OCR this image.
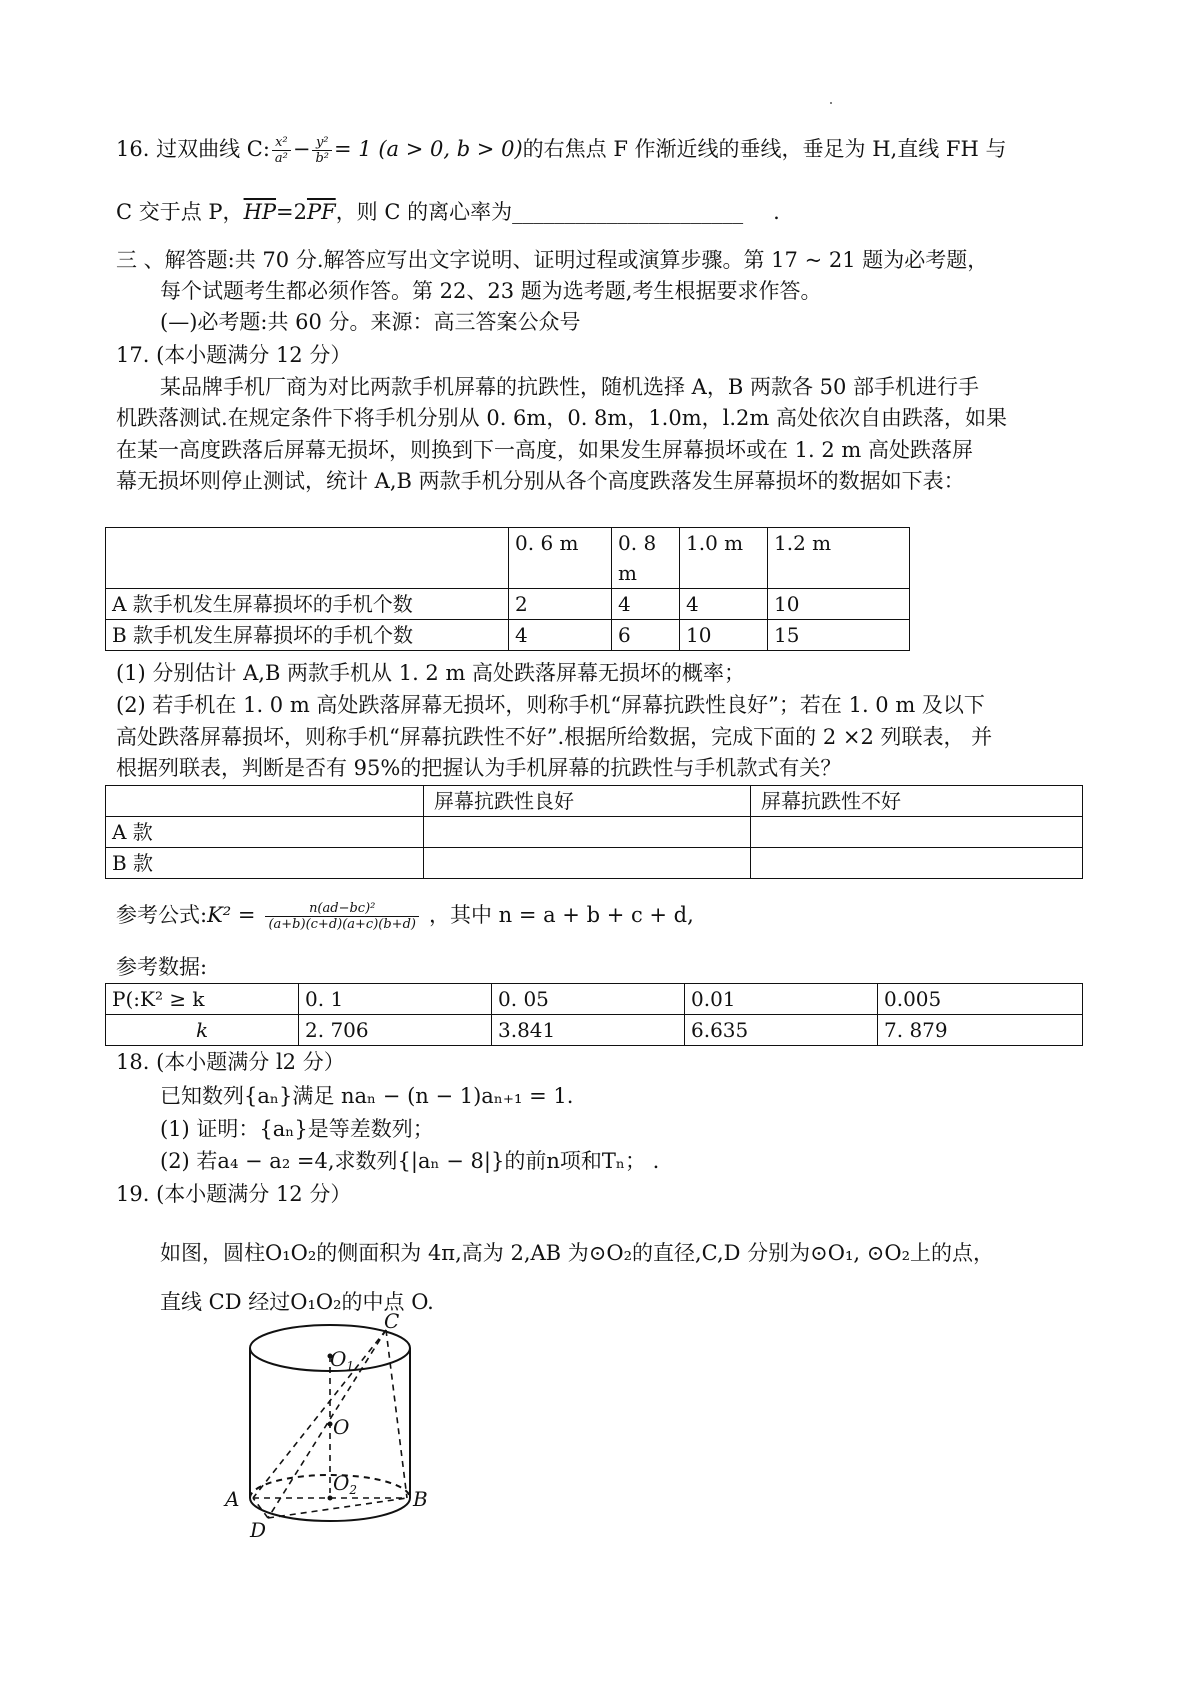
16. 过双曲线 C: $\frac{\text{x²}}{\text{a²}} - \frac{\text{y²}}{\text{b²}} = 1$ (a > 0, b > 0)的右焦点 F 作渐近线的垂线，垂足为 H,直线 FH 与
C 交于点 P，$\overline{HP}=2\overline{PF}$，则 C 的离心率为______________________ .
三 、解答题:共 70 分.解答应写出文字说明、证明过程或演算步骤。第 17 ~ 21 题为必考题，
每个试题考生都必须作答。第 22、23 题为选考题,考生根据要求作答。
(—)必考题:共 60 分。来源：高三答案公众号
17. (本小题满分 12 分）
某品牌手机厂商为对比两款手机屏幕的抗跌性，随机选择 A，B 两款各 50 部手机进行手
机跌落测试.在规定条件下将手机分别从 0. 6m，0. 8m，1.0m，l.2m 高处依次自由跌落，如果
在某一高度跌落后屏幕无损坏，则换到下一高度，如果发生屏幕损坏或在 1. 2 m 高处跌落屏
幕无损坏则停止测试，统计 A,B 两款手机分别从各个高度跌落发生屏幕损坏的数据如下表：
	0. 6 m	0. 8 m	1.0 m	1.2 m
A 款手机发生屏幕损坏的手机个数	2	4	4	10
B 款手机发生屏幕损坏的手机个数	4	6	10	15
(1) 分别估计 A,B 两款手机从 1. 2 m 高处跌落屏幕无损坏的概率；
(2) 若手机在 1. 0 m 高处跌落屏幕无损坏，则称手机“屏幕抗跌性良好”；若在 1. 0 m 及以下
高处跌落屏幕损坏，则称手机“屏幕抗跌性不好”.根据所给数据，完成下面的 2 ×2 列联表， 并
根据列联表，判断是否有 95%的把握认为手机屏幕的抗跌性与手机款式有关？
	屏幕抗跌性良好	屏幕抗跌性不好
A 款		
B 款		
参考公式:K² = $\frac{\text{n(ad−bc)²}}{(a+b)(c+d)(a+c)(b+d)}$ ，其中 n = a + b + c + d,
参考数据:
P(:K² ≥ k	0. 1	0. 05	0.01	0.005
k	2. 706	3.841	6.635	7. 879
18. (本小题满分 l2 分）
已知数列{aₙ}满足 naₙ − (n − 1)aₙ₊₁ = 1.
(1) 证明：{aₙ}是等差数列；
(2) 若a₄ − a₂ =4,求数列{|aₙ − 8|}的前n项和Tₙ； .
19. (本小题满分 12 分）
如图，圆柱O₁O₂的侧面积为 4π,高为 2,AB 为⊙O₂的直径,C,D 分别为⊙O₁, ⊙O₂上的点，
直线 CD 经过O₁O₂的中点 O.
C
$O_1$
O
$O_2$
A	B
D
